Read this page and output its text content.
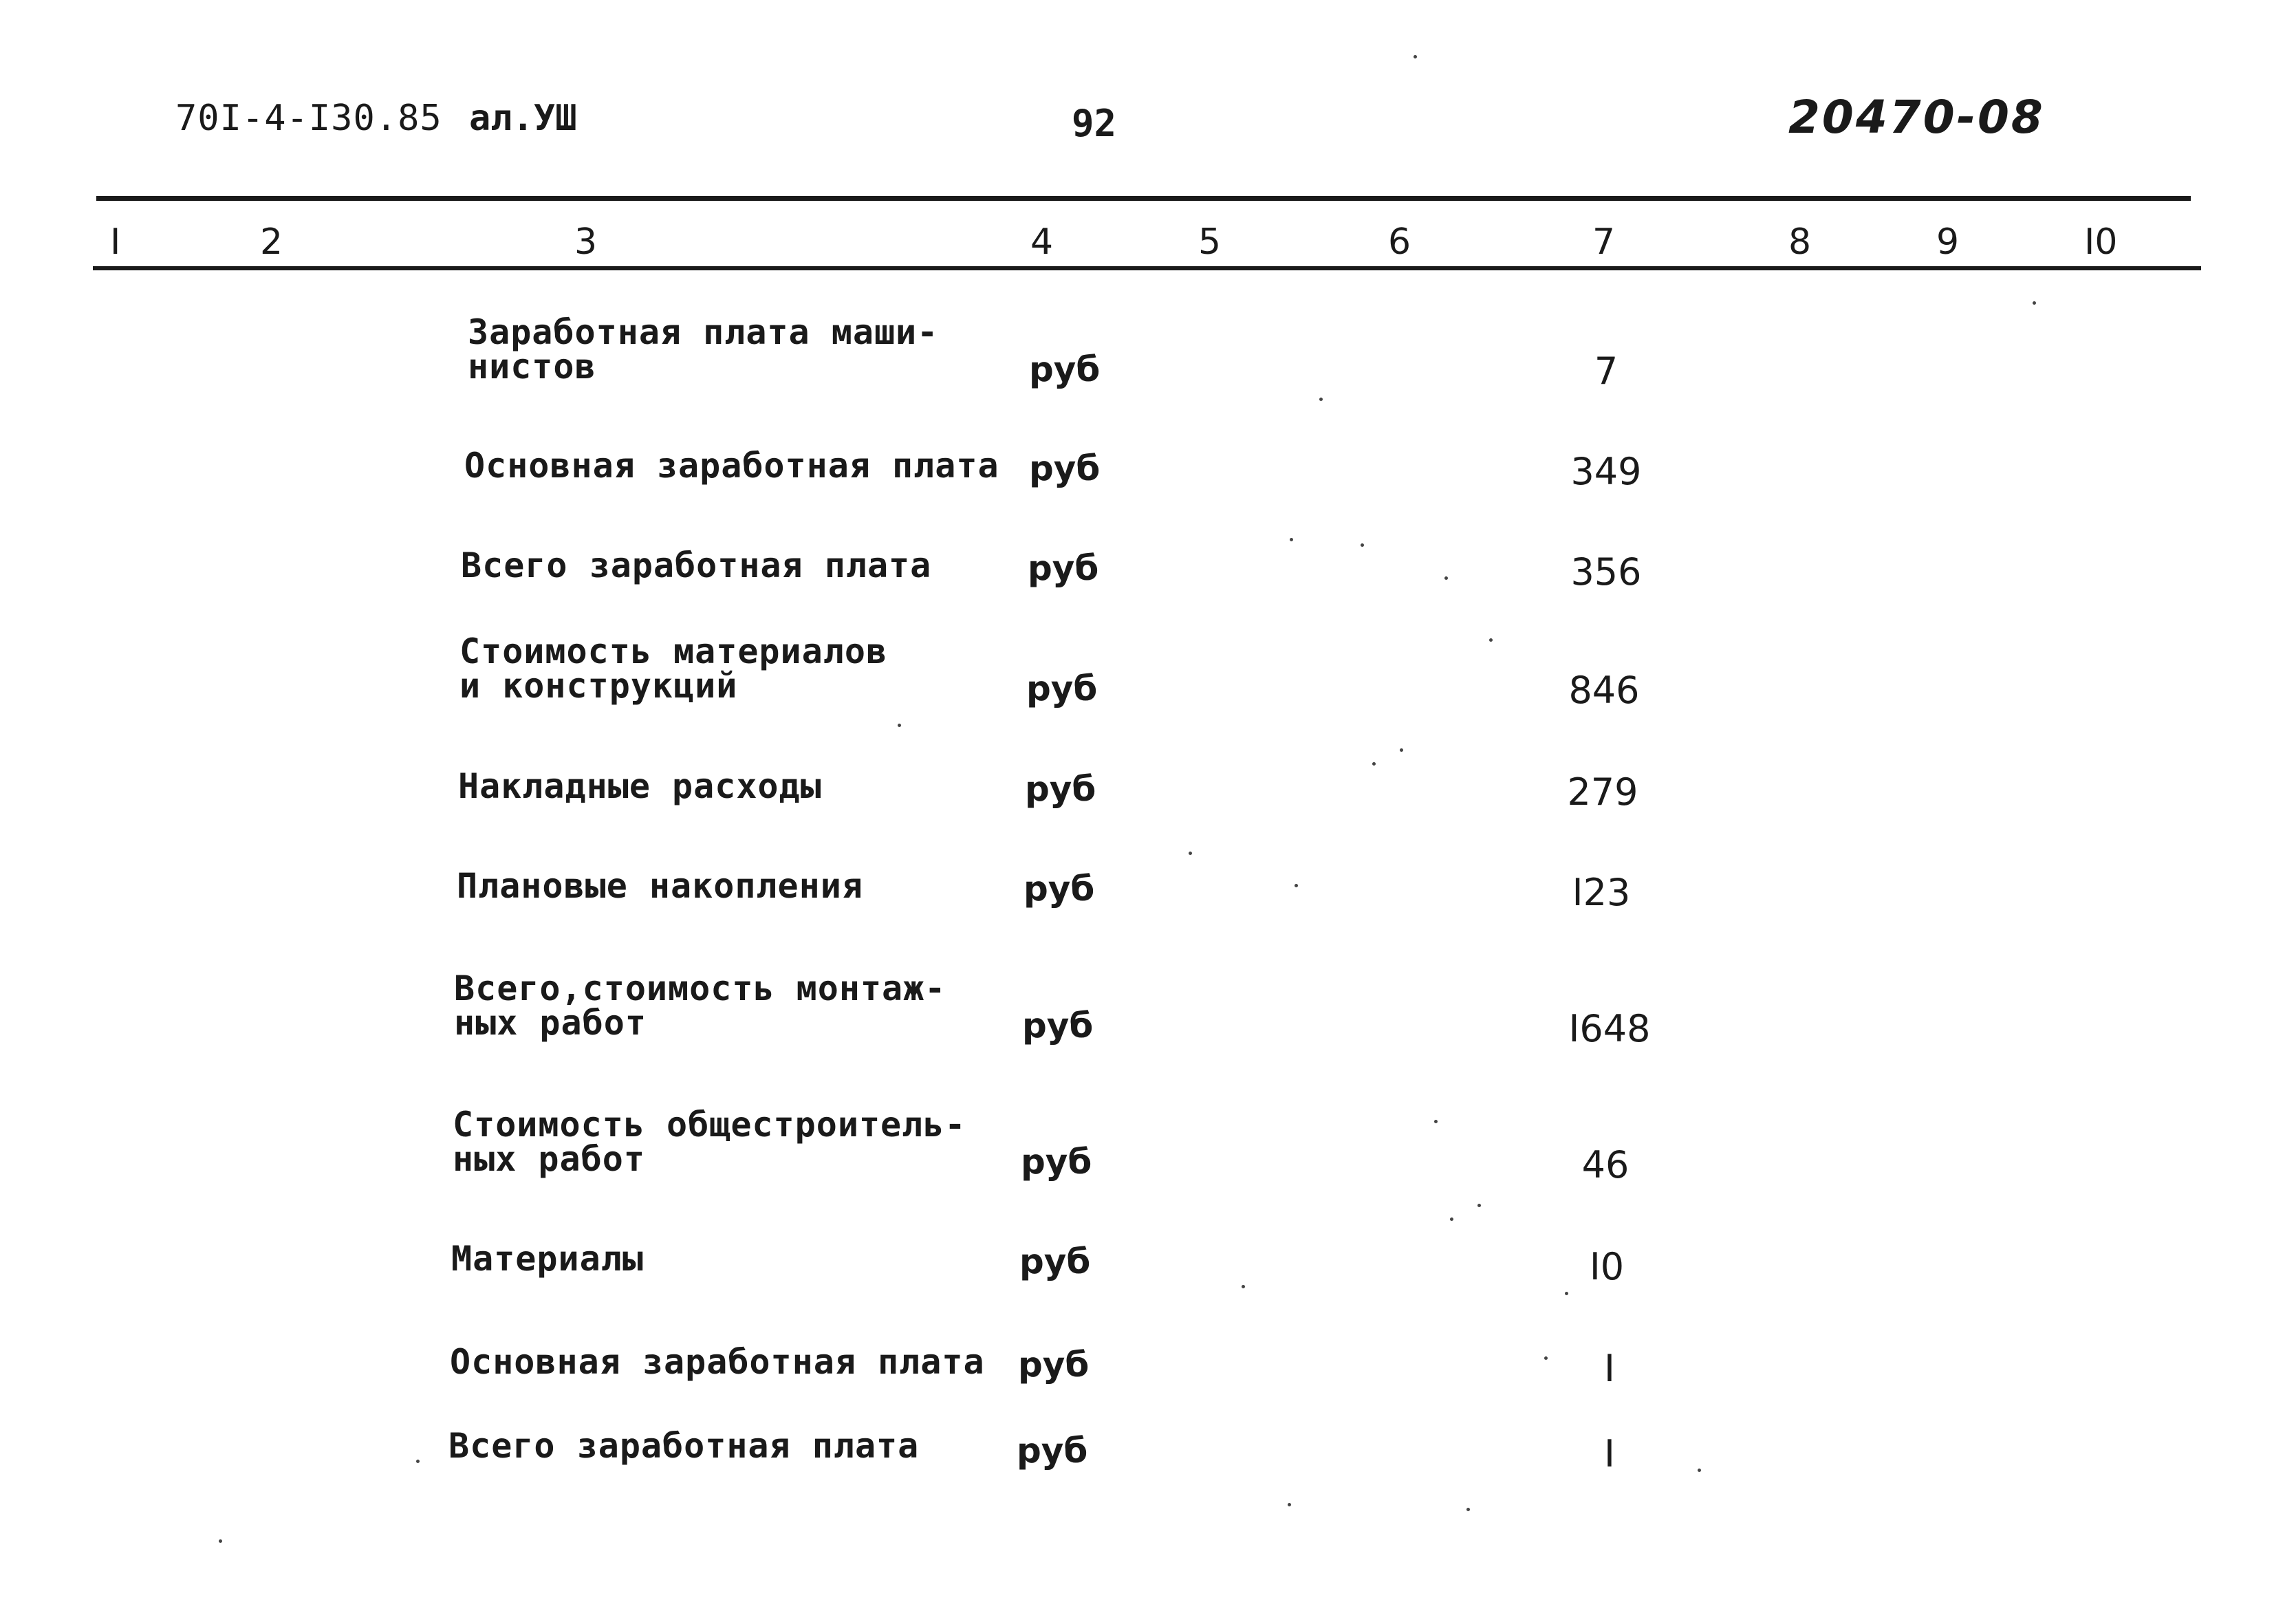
70I-4-I30.85 ал.УШ	92	20470-08
I	2	3	4	5	6	7	8	9	I0
Заработная плата маши-
нистов	руб	7
Основная заработная плата руб	349
Всего заработная плата	руб	356
Стоимость материалов
и конструкций	руб	846
Накладные расходы	руб	279
Плановые накопления	руб	I23
Всего,стоимость монтаж-
ных работ	руб	I648
Стоимость общестроитель-
ных работ	руб	46
Материалы	руб	I0
Основная заработная плата руб	I
Всего заработная плата	руб	I
